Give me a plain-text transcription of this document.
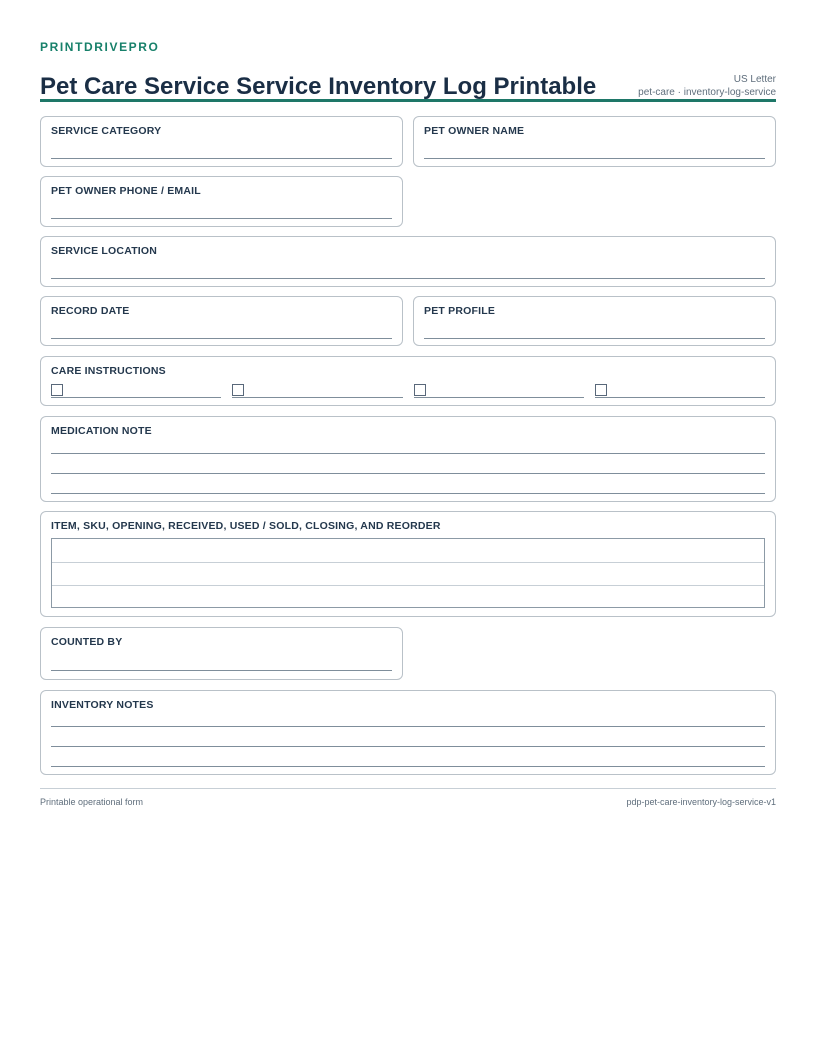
PRINTDRIVEPRO
Pet Care Service Service Inventory Log Printable	US Letter
pet-care · inventory-log-service
SERVICE CATEGORY	PET OWNER NAME
PET OWNER PHONE / EMAIL
SERVICE LOCATION
RECORD DATE	PET PROFILE
CARE INSTRUCTIONS
MEDICATION NOTE
ITEM, SKU, OPENING, RECEIVED, USED / SOLD, CLOSING, AND REORDER
COUNTED BY
INVENTORY NOTES
Printable operational form	pdp-pet-care-inventory-log-service-v1
